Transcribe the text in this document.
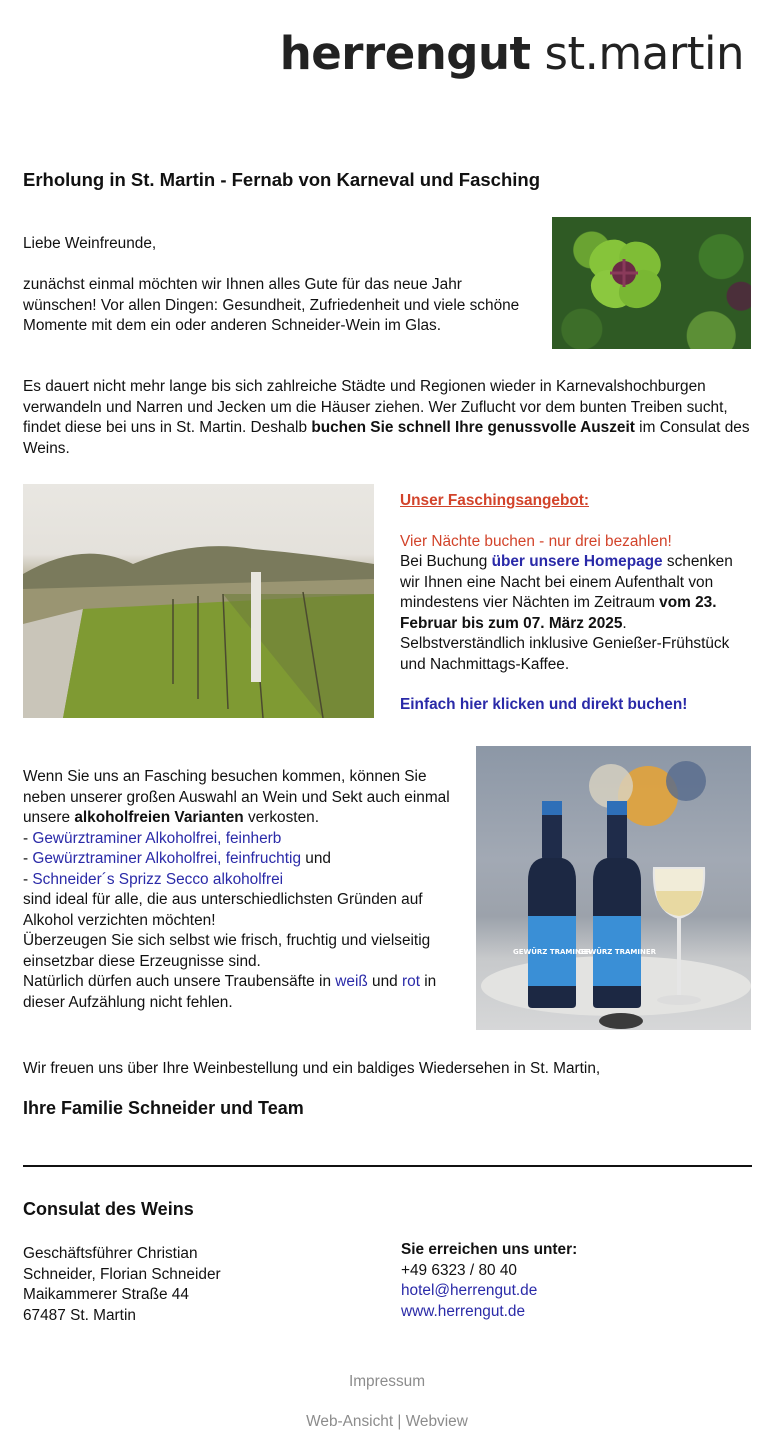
herrengut st.martin
Erholung in St. Martin - Fernab von Karneval und Fasching
Liebe Weinfreunde,
zunächst einmal möchten wir Ihnen alles Gute für das neue Jahr wünschen! Vor allen Dingen: Gesundheit, Zufriedenheit und viele schöne Momente mit dem ein oder anderen Schneider-Wein im Glas.
Es dauert nicht mehr lange bis sich zahlreiche Städte und Regionen wieder in Karnevalshochburgen verwandeln und Narren und Jecken um die Häuser ziehen. Wer Zuflucht vor dem bunten Treiben sucht, findet diese bei uns in St. Martin. Deshalb buchen Sie schnell Ihre genussvolle Auszeit im Consulat des Weins.
Unser Faschingsangebot:
Vier Nächte buchen - nur drei bezahlen!
Bei Buchung über unsere Homepage schenken wir Ihnen eine Nacht bei einem Aufenthalt von mindestens vier Nächten im Zeitraum vom 23. Februar bis zum 07. März 2025. Selbstverständlich inklusive Genießer-Frühstück und Nachmittags-Kaffee.
Einfach hier klicken und direkt buchen!
Wenn Sie uns an Fasching besuchen kommen, können Sie neben unserer großen Auswahl an Wein und Sekt auch einmal unsere alkoholfreien Varianten verkosten.
- Gewürztraminer Alkoholfrei, feinherb
- Gewürztraminer Alkoholfrei, feinfruchtig und
- Schneider´s Sprizz Secco alkoholfrei
sind ideal für alle, die aus unterschiedlichsten Gründen auf Alkohol verzichten möchten!
Überzeugen Sie sich selbst wie frisch, fruchtig und vielseitig einsetzbar diese Erzeugnisse sind.
Natürlich dürfen auch unsere Traubensäfte in weiß und rot in dieser Aufzählung nicht fehlen.
GEWÜRZ TRAMINER
GEWÜRZ TRAMINER
Wir freuen uns über Ihre Weinbestellung und ein baldiges Wiedersehen in St. Martin,
Ihre Familie Schneider und Team
Consulat des Weins
Geschäftsführer Christian
Schneider, Florian Schneider
Maikammerer Straße 44
67487 St. Martin
Sie erreichen uns unter:
+49 6323 / 80 40
hotel@herrengut.de
www.herrengut.de
Impressum
Web-Ansicht | Webview
